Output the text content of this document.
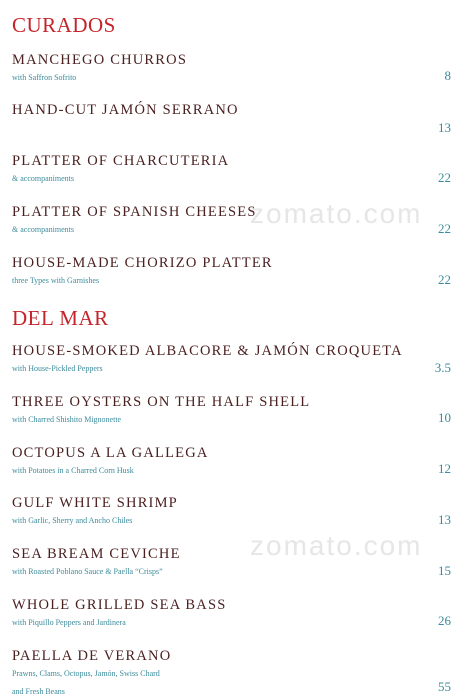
CURADOS
MANCHEGO CHURROS
with Saffron Sofrito	8
HAND-CUT JAMÓN SERRANO
13
PLATTER OF CHARCUTERIA
& accompaniments	22
PLATTER OF SPANISH CHEESES
& accompaniments	22
HOUSE-MADE CHORIZO PLATTER
three Types with Garnishes	22
DEL MAR
HOUSE-SMOKED ALBACORE & JAMÓN CROQUETA
with House-Pickled Peppers	3.5
THREE OYSTERS ON THE HALF SHELL
with Charred Shishito Mignonette	10
OCTOPUS A LA GALLEGA
with Potatoes in a Charred Corn Husk	12
GULF WHITE SHRIMP
with Garlic, Sherry and Ancho Chiles	13
SEA BREAM CEVICHE
with Roasted Poblano Sauce & Paella “Crisps”	15
WHOLE GRILLED SEA BASS
with Piquillo Peppers and Jardinera	26
PAELLA DE VERANO
Prawns, Clams, Octopus, Jamón, Swiss Chard
and Fresh Beans	55
zomato.com
zomato.com
